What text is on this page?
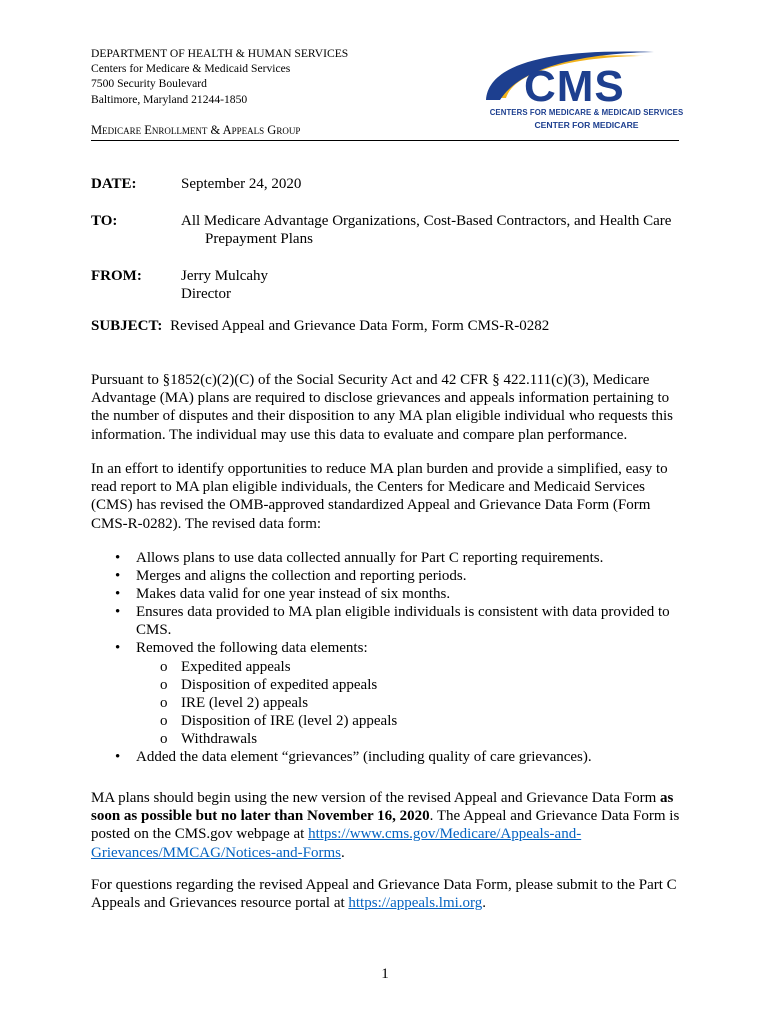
DEPARTMENT OF HEALTH & HUMAN SERVICES
Centers for Medicare & Medicaid Services
7500 Security Boulevard
Baltimore, Maryland 21244-1850	CMS
CENTERS FOR MEDICARE & MEDICAID SERVICES
CENTER FOR MEDICARE
Medicare Enrollment & Appeals Group
DATE:	September 24, 2020
TO:	All Medicare Advantage Organizations, Cost-Based Contractors, and Health Care
Prepayment Plans
FROM:	Jerry Mulcahy
Director
SUBJECT: Revised Appeal and Grievance Data Form, Form CMS-R-0282
Pursuant to §1852(c)(2)(C) of the Social Security Act and 42 CFR § 422.111(c)(3), Medicare Advantage (MA) plans are required to disclose grievances and appeals information pertaining to the number of disputes and their disposition to any MA plan eligible individual who requests this information. The individual may use this data to evaluate and compare plan performance.
In an effort to identify opportunities to reduce MA plan burden and provide a simplified, easy to read report to MA plan eligible individuals, the Centers for Medicare and Medicaid Services (CMS) has revised the OMB-approved standardized Appeal and Grievance Data Form (Form CMS-R-0282). The revised data form:
• Allows plans to use data collected annually for Part C reporting requirements.
• Merges and aligns the collection and reporting periods.
• Makes data valid for one year instead of six months.
• Ensures data provided to MA plan eligible individuals is consistent with data provided to CMS.
• Removed the following data elements:
o Expedited appeals
o Disposition of expedited appeals
o IRE (level 2) appeals
o Disposition of IRE (level 2) appeals
o Withdrawals
• Added the data element “grievances” (including quality of care grievances).
MA plans should begin using the new version of the revised Appeal and Grievance Data Form as soon as possible but no later than November 16, 2020. The Appeal and Grievance Data Form is posted on the CMS.gov webpage at https://www.cms.gov/Medicare/Appeals-and-Grievances/MMCAG/Notices-and-Forms.
For questions regarding the revised Appeal and Grievance Data Form, please submit to the Part C Appeals and Grievances resource portal at https://appeals.lmi.org.
1
